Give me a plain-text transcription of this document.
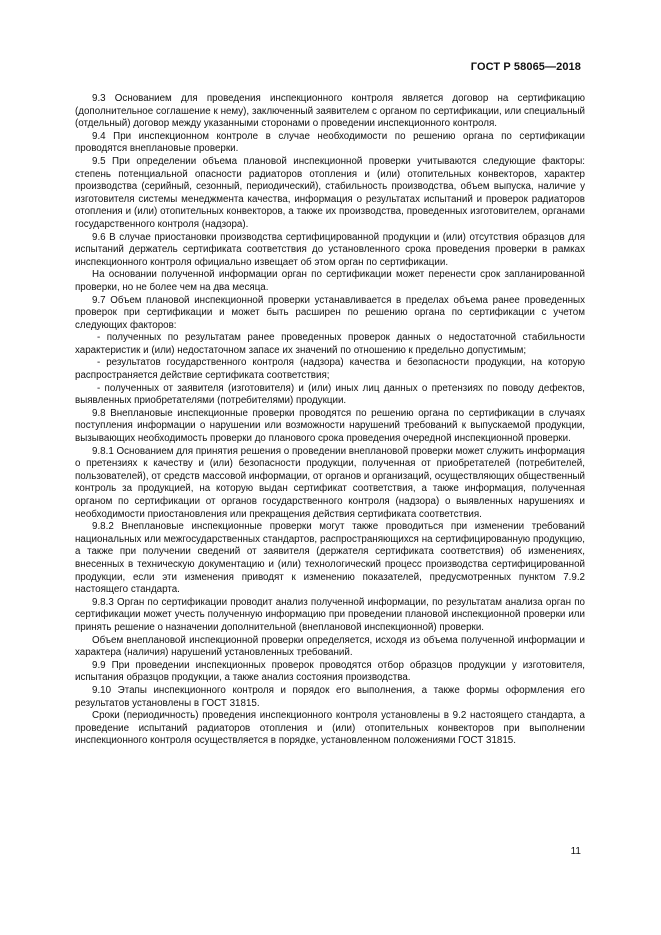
ГОСТ Р 58065—2018

9.3 Основанием для проведения инспекционного контроля является договор на сертификацию (дополнительное соглашение к нему), заключенный заявителем с органом по сертификации, или специальный (отдельный) договор между указанными сторонами о проведении инспекционного контроля.

9.4 При инспекционном контроле в случае необходимости по решению органа по сертификации проводятся внеплановые проверки.

9.5 При определении объема плановой инспекционной проверки учитываются следующие факторы: степень потенциальной опасности радиаторов отопления и (или) отопительных конвекторов, характер производства (серийный, сезонный, периодический), стабильность производства, объем выпуска, наличие у изготовителя системы менеджмента качества, информация о результатах испытаний и проверок радиаторов отопления и (или) отопительных конвекторов, а также их производства, проведенных изготовителем, органами государственного контроля (надзора).

9.6 В случае приостановки производства сертифицированной продукции и (или) отсутствия образцов для испытаний держатель сертификата соответствия до установленного срока проведения проверки в рамках инспекционного контроля официально извещает об этом орган по сертификации.

На основании полученной информации орган по сертификации может перенести срок запланированной проверки, но не более чем на два месяца.

9.7 Объем плановой инспекционной проверки устанавливается в пределах объема ранее проведенных проверок при сертификации и может быть расширен по решению органа по сертификации с учетом следующих факторов:

- полученных по результатам ранее проведенных проверок данных о недостаточной стабильности характеристик и (или) недостаточном запасе их значений по отношению к предельно допустимым;

- результатов государственного контроля (надзора) качества и безопасности продукции, на которую распространяется действие сертификата соответствия;

- полученных от заявителя (изготовителя) и (или) иных лиц данных о претензиях по поводу дефектов, выявленных приобретателями (потребителями) продукции.

9.8 Внеплановые инспекционные проверки проводятся по решению органа по сертификации в случаях поступления информации о нарушении или возможности нарушений требований к выпускаемой продукции, вызывающих необходимость проверки до планового срока проведения очередной инспекционной проверки.

9.8.1 Основанием для принятия решения о проведении внеплановой проверки может служить информация о претензиях к качеству и (или) безопасности продукции, полученная от приобретателей (потребителей, пользователей), от средств массовой информации, от органов и организаций, осуществляющих общественный контроль за продукцией, на которую выдан сертификат соответствия, а также информация, полученная органом по сертификации от органов государственного контроля (надзора) о выявленных нарушениях и необходимости приостановления или прекращения действия сертификата соответствия.

9.8.2 Внеплановые инспекционные проверки могут также проводиться при изменении требований национальных или межгосударственных стандартов, распространяющихся на сертифицированную продукцию, а также при получении сведений от заявителя (держателя сертификата соответствия) об изменениях, внесенных в техническую документацию и (или) технологический процесс производства сертифицированной продукции, если эти изменения приводят к изменению показателей, предусмотренных пунктом 7.9.2 настоящего стандарта.

9.8.3 Орган по сертификации проводит анализ полученной информации, по результатам анализа орган по сертификации может учесть полученную информацию при проведении плановой инспекционной проверки или принять решение о назначении дополнительной (внеплановой инспекционной) проверки.

Объем внеплановой инспекционной проверки определяется, исходя из объема полученной информации и характера (наличия) нарушений установленных требований.

9.9 При проведении инспекционных проверок проводятся отбор образцов продукции у изготовителя, испытания образцов продукции, а также анализ состояния производства.

9.10 Этапы инспекционного контроля и порядок его выполнения, а также формы оформления его результатов установлены в ГОСТ 31815.

Сроки (периодичность) проведения инспекционного контроля установлены в 9.2 настоящего стандарта, а проведение испытаний радиаторов отопления и (или) отопительных конвекторов при выполнении инспекционного контроля осуществляется в порядке, установленном положениями ГОСТ 31815.

11
